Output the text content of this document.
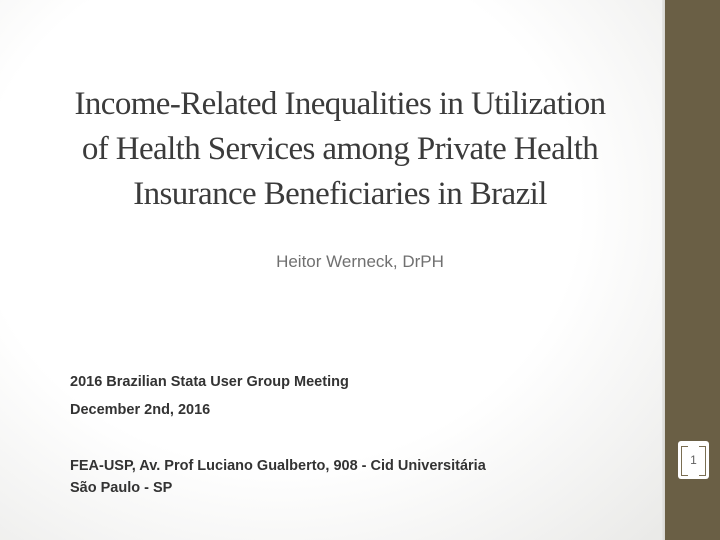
Income-Related Inequalities in Utilization
of Health Services among Private Health
Insurance Beneficiaries in Brazil
Heitor Werneck, DrPH
2016 Brazilian Stata User Group Meeting
December 2nd, 2016
FEA-USP, Av. Prof Luciano Gualberto, 908 - Cid Universitária
São Paulo - SP
1
